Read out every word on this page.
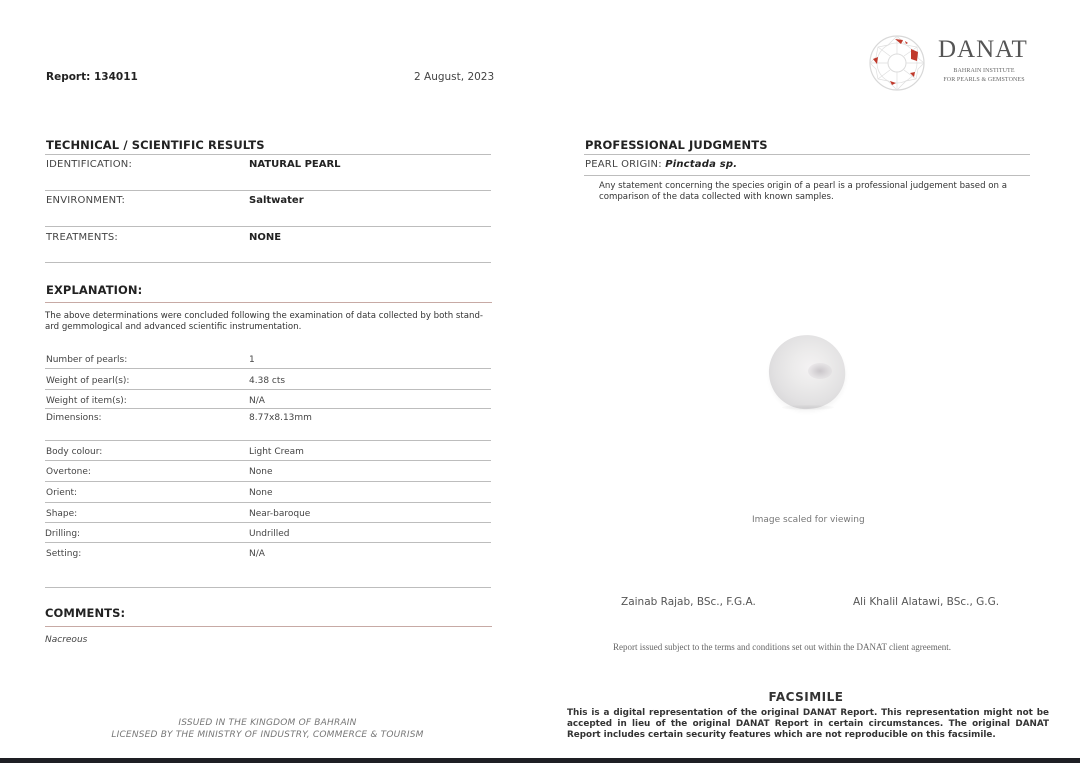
Report: 134011	2 August, 2023
DANAT
BAHRAIN INSTITUTE
FOR PEARLS & GEMSTONES
TECHNICAL / SCIENTIFIC RESULTS
IDENTIFICATION:	NATURAL PEARL
ENVIRONMENT:	Saltwater
TREATMENTS:	NONE
EXPLANATION:
The above determinations were concluded following the examination of data collected by both stand-
ard gemmological and advanced scientific instrumentation.
Number of pearls:	1
Weight of pearl(s):	4.38 cts
Weight of item(s):	N/A
Dimensions:	8.77x8.13mm
Body colour:	Light Cream
Overtone:	None
Orient:	None
Shape:	Near-baroque
Drilling:	Undrilled
Setting:	N/A
COMMENTS:
Nacreous
ISSUED IN THE KINGDOM OF BAHRAIN
LICENSED BY THE MINISTRY OF INDUSTRY, COMMERCE & TOURISM
PROFESSIONAL JUDGMENTS
PEARL ORIGIN: Pinctada sp.
Any statement concerning the species origin of a pearl is a professional judgement based on a
comparison of the data collected with known samples.
Image scaled for viewing
Zainab Rajab, BSc., F.G.A.	Ali Khalil Alatawi, BSc., G.G.
Report issued subject to the terms and conditions set out within the DANAT client agreement.
FACSIMILE
This is a digital representation of the original DANAT Report. This representation might not be accepted in lieu of the original DANAT Report in certain circumstances. The original DANAT Report includes certain security features which are not reproducible on this facsimile.
